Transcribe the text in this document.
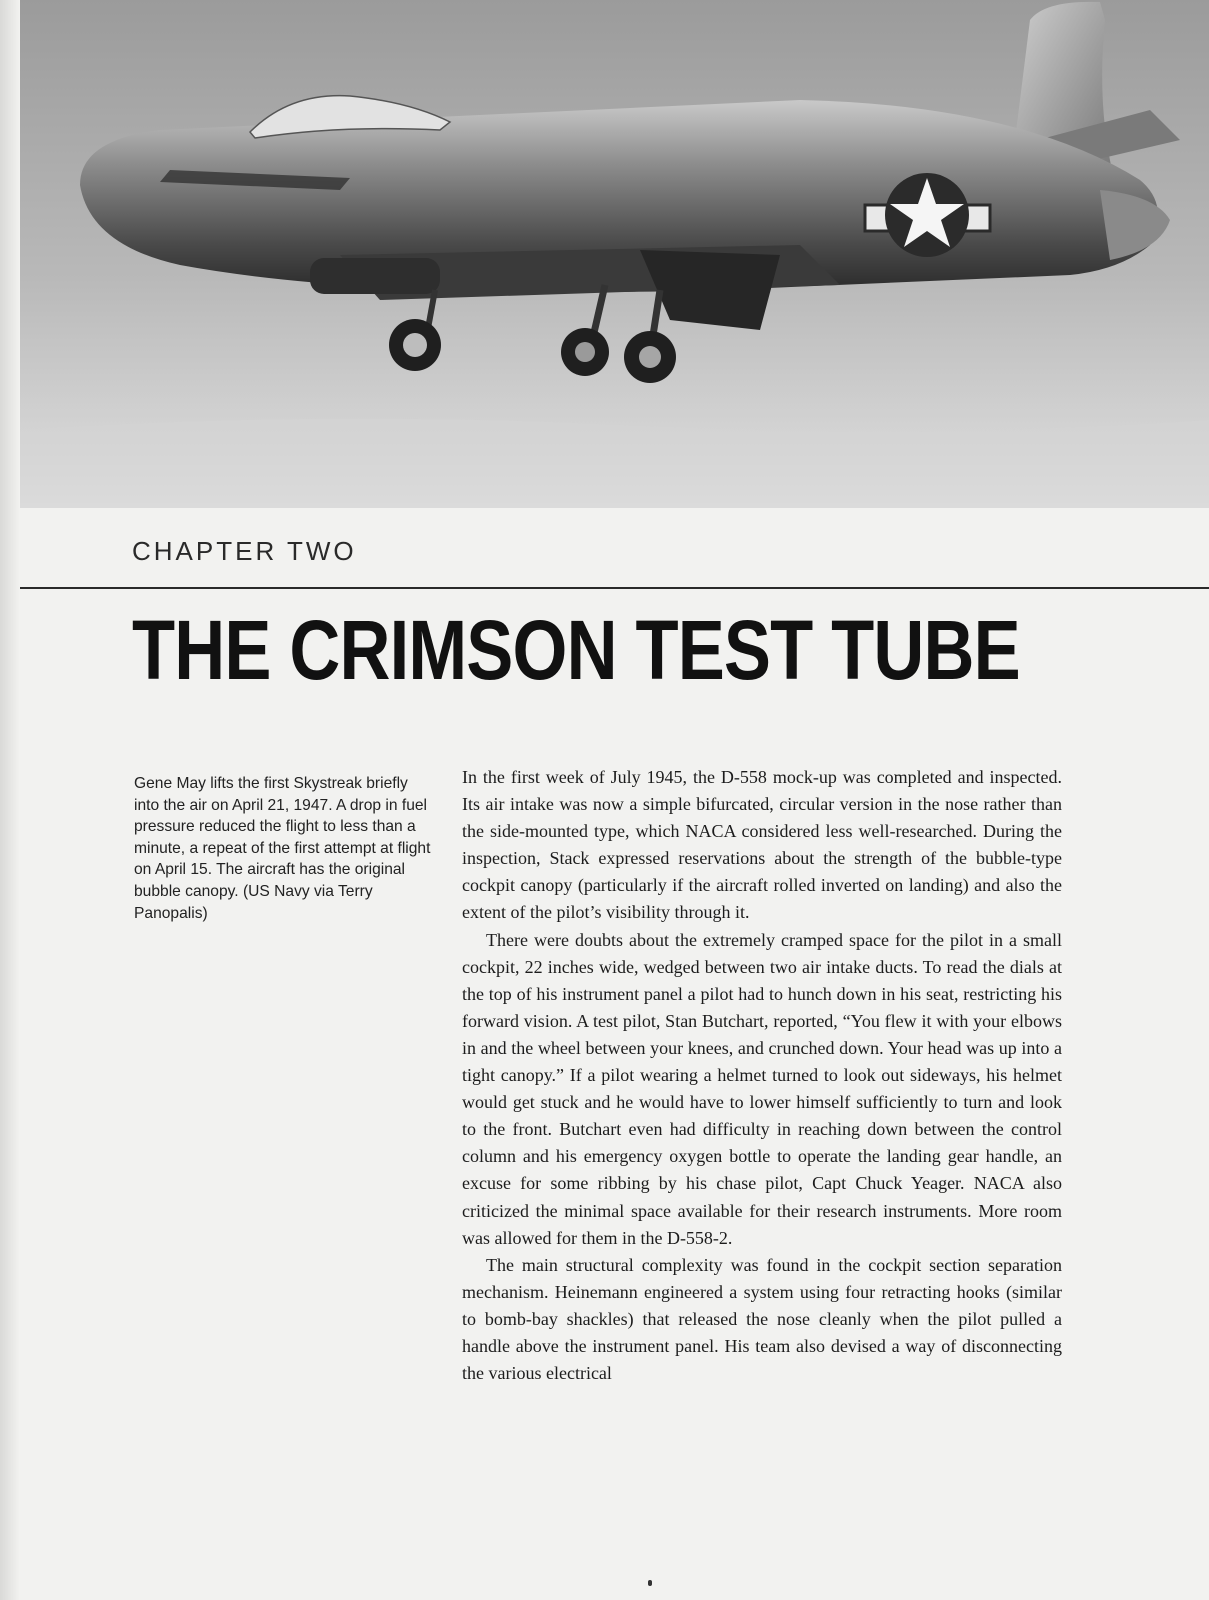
CHAPTER TWO
THE CRIMSON TEST TUBE
Gene May lifts the first Skystreak briefly into the air on April 21, 1947. A drop in fuel pressure reduced the flight to less than a minute, a repeat of the first attempt at flight on April 15. The aircraft has the original bubble canopy. (US Navy via Terry Panopalis)

In the first week of July 1945, the D-558 mock-up was completed and inspected. Its air intake was now a simple bifurcated, circular version in the nose rather than the side-mounted type, which NACA considered less well-researched. During the inspection, Stack expressed reservations about the strength of the bubble-type cockpit canopy (particularly if the aircraft rolled inverted on landing) and also the extent of the pilot’s visibility through it.

There were doubts about the extremely cramped space for the pilot in a small cockpit, 22 inches wide, wedged between two air intake ducts. To read the dials at the top of his instrument panel a pilot had to hunch down in his seat, restricting his forward vision. A test pilot, Stan Butchart, reported, “You flew it with your elbows in and the wheel between your knees, and crunched down. Your head was up into a tight canopy.” If a pilot wearing a helmet turned to look out sideways, his helmet would get stuck and he would have to lower himself sufficiently to turn and look to the front. Butchart even had difficulty in reaching down between the control column and his emergency oxygen bottle to operate the landing gear handle, an excuse for some ribbing by his chase pilot, Capt Chuck Yeager. NACA also criticized the minimal space available for their research instruments. More room was allowed for them in the D-558-2.

The main structural complexity was found in the cockpit section separation mechanism. Heinemann engineered a system using four retracting hooks (similar to bomb-bay shackles) that released the nose cleanly when the pilot pulled a handle above the instrument panel. His team also devised a way of disconnecting the various electrical
